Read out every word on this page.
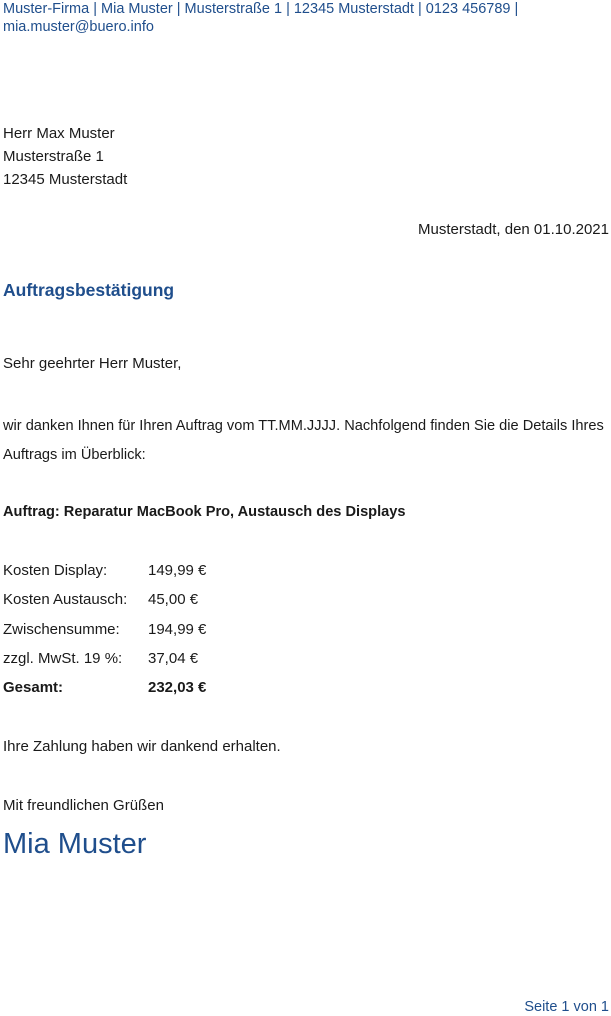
Muster-Firma | Mia Muster | Musterstraße 1 | 12345 Musterstadt | 0123 456789 |
mia.muster@buero.info
Herr Max Muster
Musterstraße 1
12345 Musterstadt
Musterstadt, den 01.10.2021
Auftragsbestätigung
Sehr geehrter Herr Muster,
wir danken Ihnen für Ihren Auftrag vom TT.MM.JJJJ. Nachfolgend finden Sie die Details Ihres Auftrags im Überblick:
Auftrag: Reparatur MacBook Pro, Austausch des Displays
Kosten Display:	149,99 €
Kosten Austausch:	45,00 €
Zwischensumme:	194,99 €
zzgl. MwSt. 19 %:	37,04 €
Gesamt:	232,03 €
Ihre Zahlung haben wir dankend erhalten.
Mit freundlichen Grüßen
Mia Muster
Seite 1 von 1
